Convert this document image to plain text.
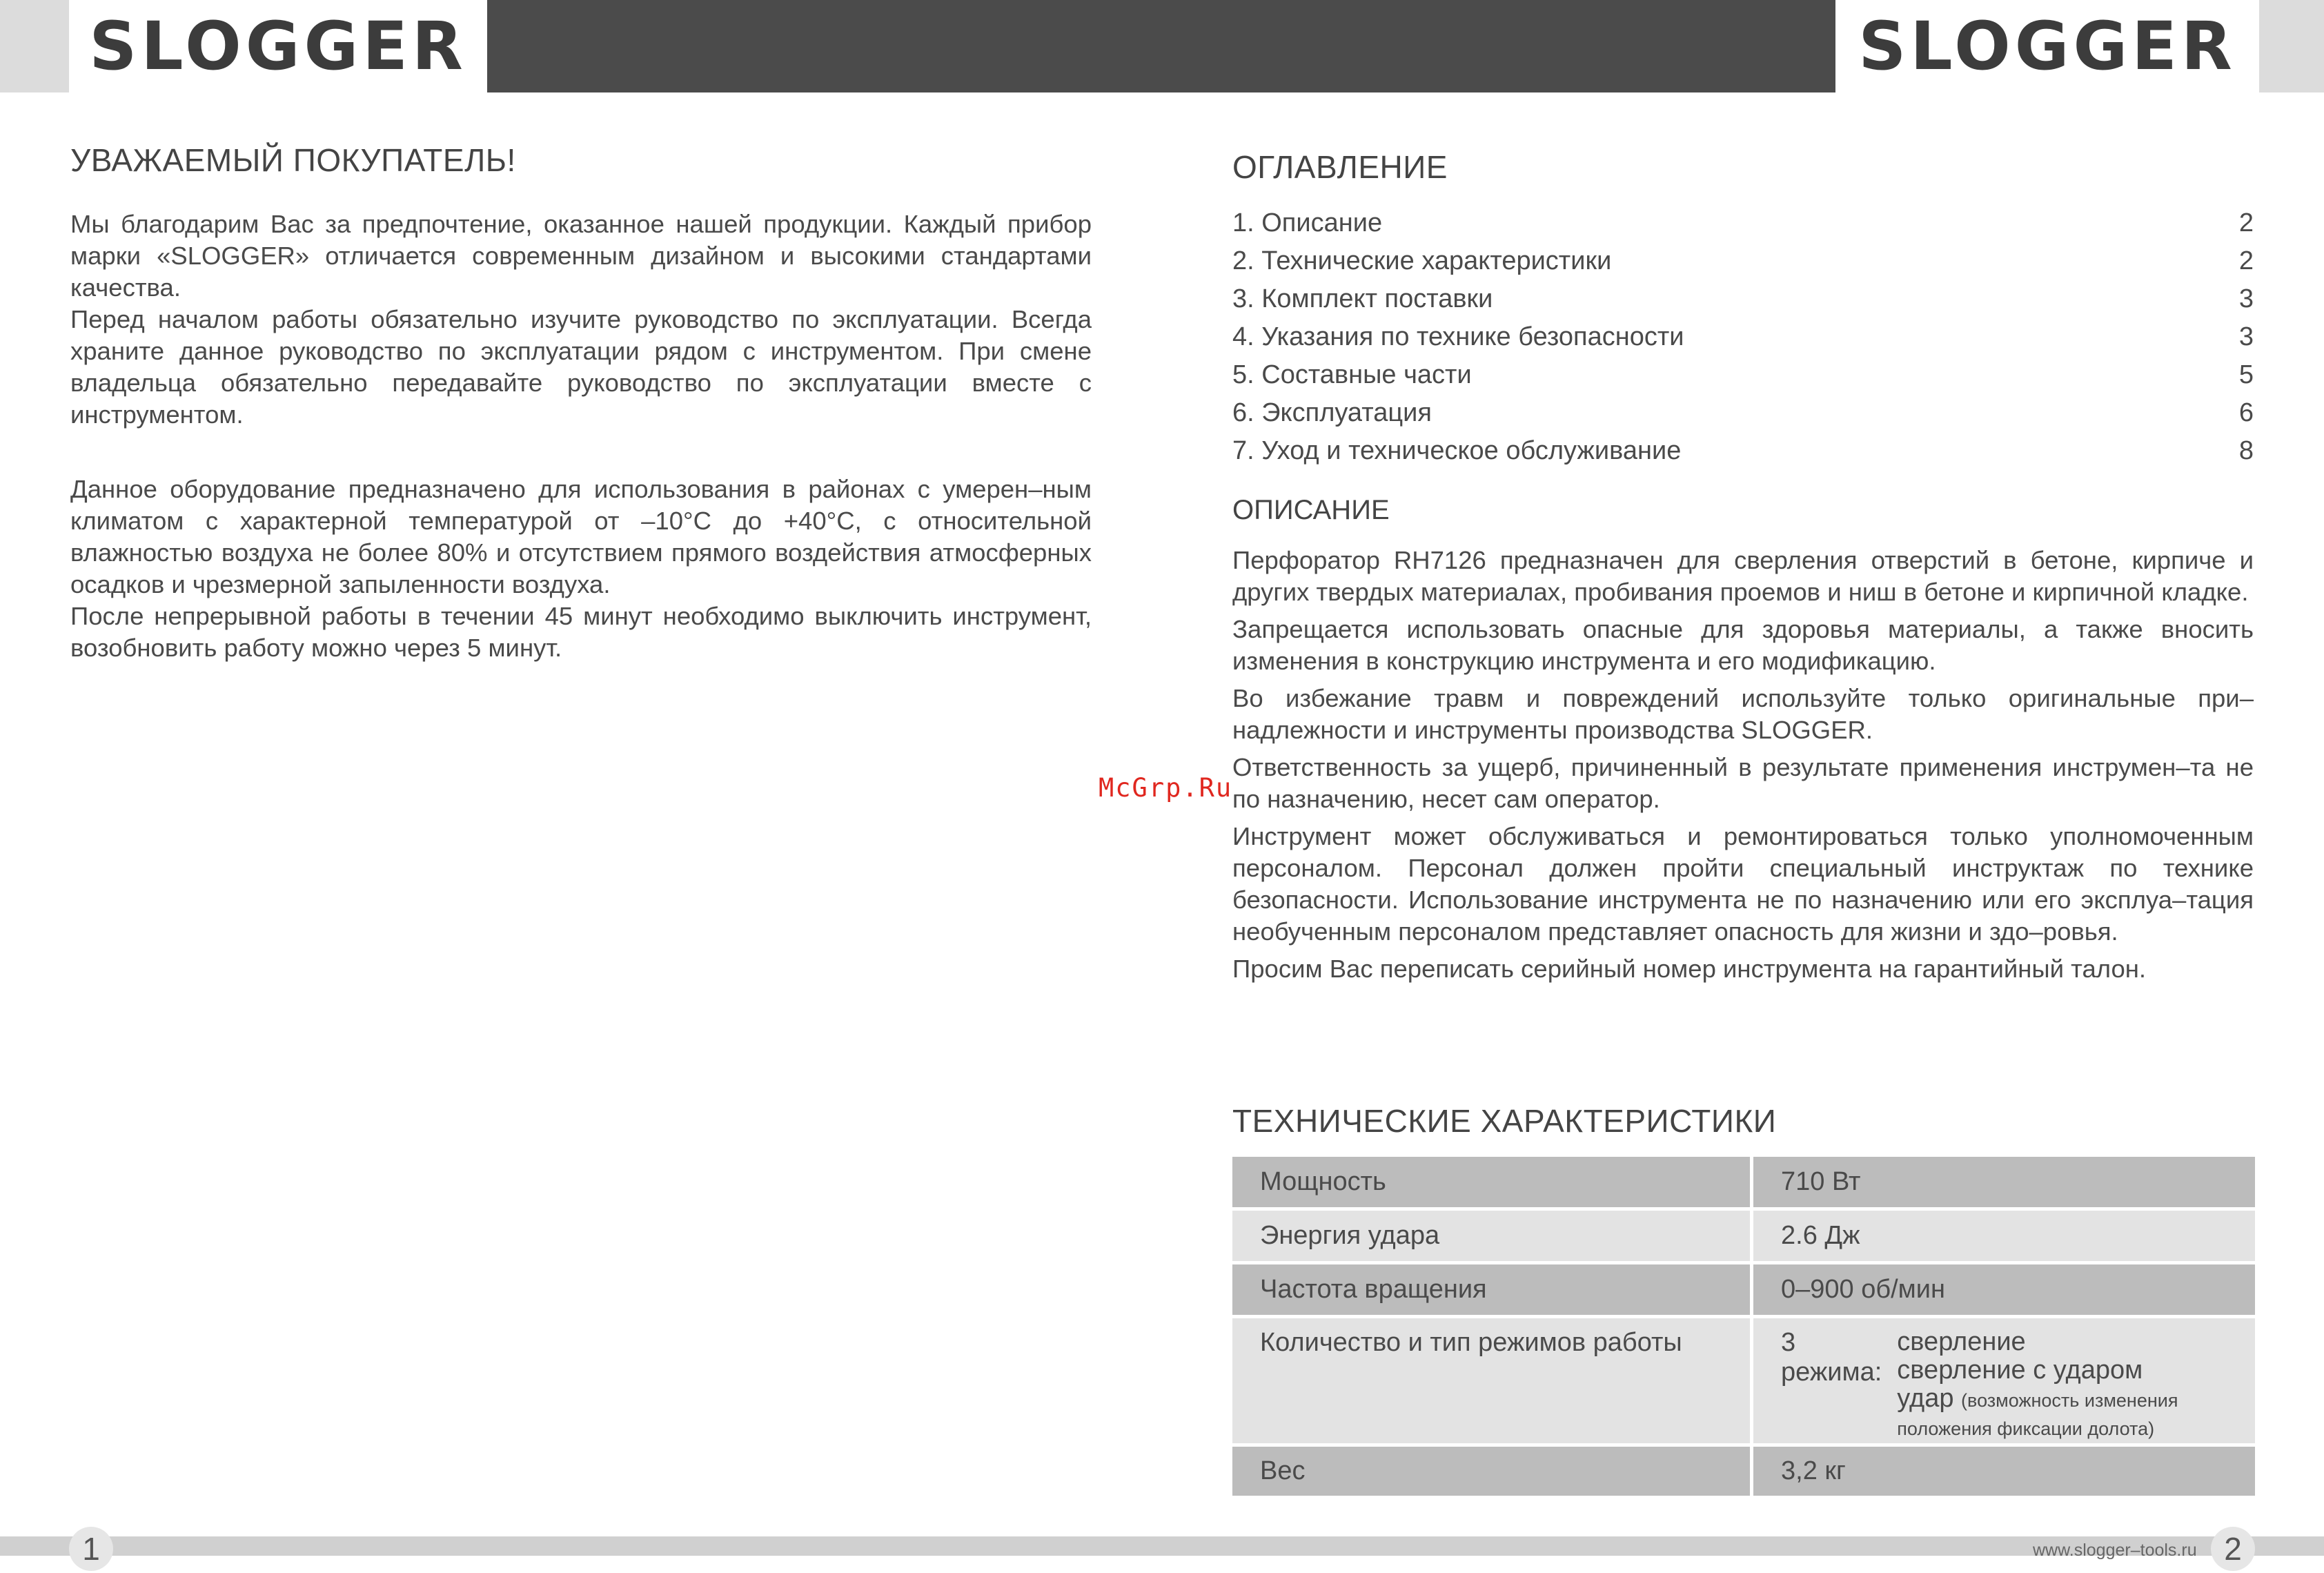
SLOGGER	SLOGGER
УВАЖАЕМЫЙ ПОКУПАТЕЛЬ!

Мы благодарим Вас за предпочтение, оказанное нашей продукции. Каждый прибор марки «SLOGGER» отличается современным дизайном и высокими стандартами качества.

Перед началом работы обязательно изучите руководство по эксплуатации. Всегда храните данное руководство по эксплуатации рядом с инструментом. При смене владельца обязательно передавайте руководство по эксплуатации вместе с инструментом.

Данное оборудование предназначено для использования в районах с умерен–ным климатом с характерной температурой от –10°С до +40°С, с относительной влажностью воздуха не более 80% и отсутствием прямого воздействия атмосферных осадков и чрезмерной запыленности воздуха.

После непрерывной работы в течении 45 минут необходимо выключить инструмент, возобновить работу можно через 5 минут.

ОГЛАВЛЕНИЕ
1. Описание	2
2. Технические характеристики	2
3. Комплект поставки	3
4. Указания по технике безопасности	3
5. Составные части	5
6. Эксплуатация	6
7. Уход и техническое обслуживание	8
ОПИСАНИЕ

Перфоратор RH7126 предназначен для сверления отверстий в бетоне, кирпиче и других твердых материалах, пробивания проемов и ниш в бетоне и кирпичной кладке.

Запрещается использовать опасные для здоровья материалы, а также вносить изменения в конструкцию инструмента и его модификацию.

Во избежание травм и повреждений используйте только оригинальные при–надлежности и инструменты производства SLOGGER.

Ответственность за ущерб, причиненный в результате применения инструмен–та не по назначению, несет сам оператор.

Инструмент может обслуживаться и ремонтироваться только уполномоченным персоналом. Персонал должен пройти специальный инструктаж по технике безопасности. Использование инструмента не по назначению или его эксплуа–тация необученным персоналом представляет опасность для жизни и здо–ровья.

Просим Вас переписать серийный номер инструмента на гарантийный талон.

ТЕХНИЧЕСКИЕ ХАРАКТЕРИСТИКИ
Мощность	710 Вт
Энергия удара	2.6 Дж
Частота вращения	0–900 об/мин
Количество и тип режимов работы	3 режима:
сверление
сверление с ударом
удар (возможность изменения положения фиксации долота)

Вес	3,2 кг
McGrp.Ru
1	2
www.slogger–tools.ru
